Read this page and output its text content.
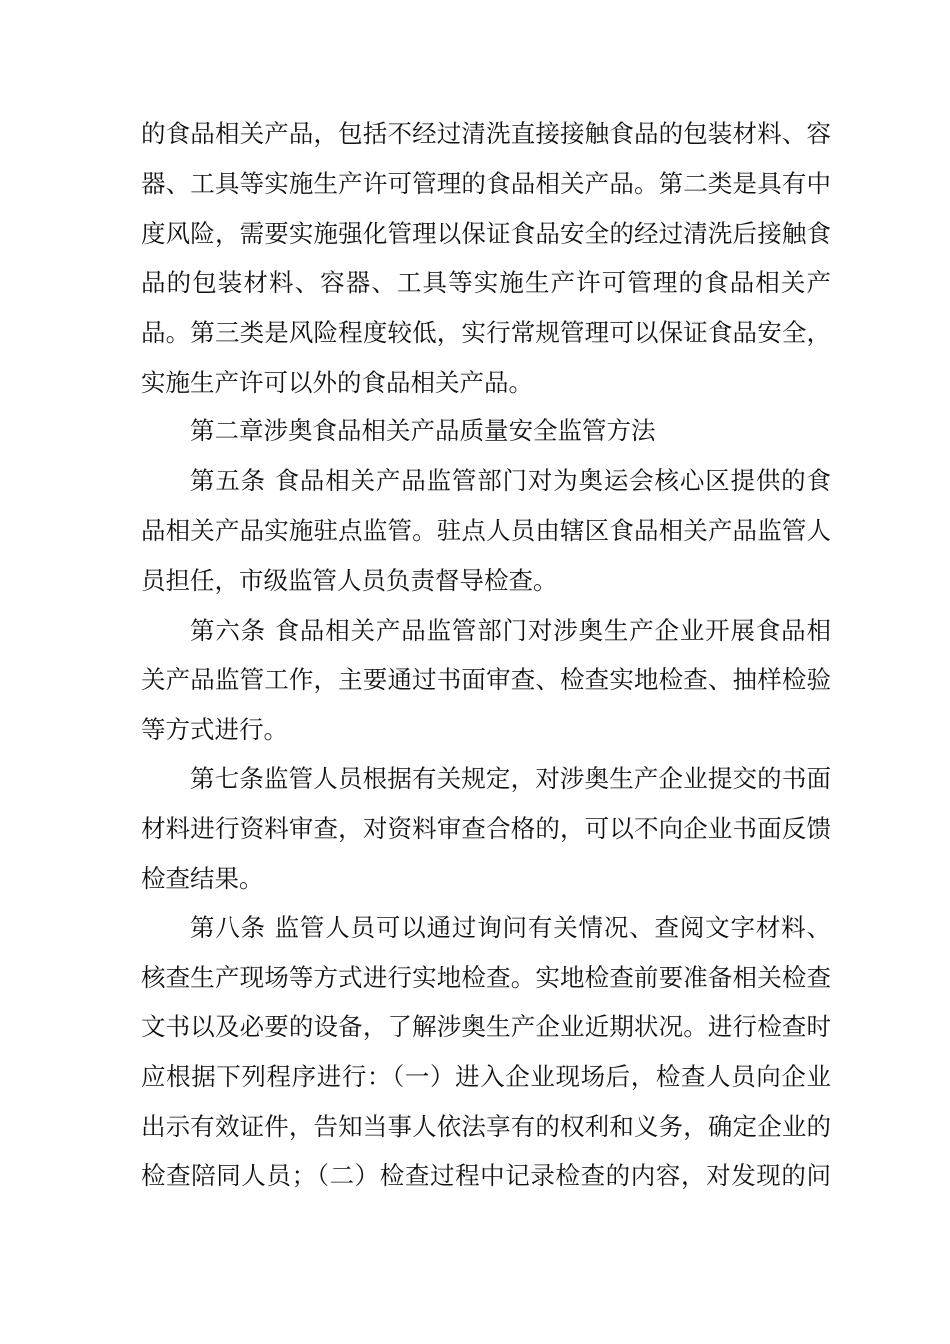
的食品相关产品，包括不经过清洗直接接触食品的包装材料、容
器、工具等实施生产许可管理的食品相关产品。第二类是具有中
度风险，需要实施强化管理以保证食品安全的经过清洗后接触食
品的包装材料、容器、工具等实施生产许可管理的食品相关产
品。第三类是风险程度较低，实行常规管理可以保证食品安全，
实施生产许可以外的食品相关产品。
第二章涉奥食品相关产品质量安全监管方法
第五条 食品相关产品监管部门对为奥运会核心区提供的食
品相关产品实施驻点监管。驻点人员由辖区食品相关产品监管人
员担任，市级监管人员负责督导检查。
第六条 食品相关产品监管部门对涉奥生产企业开展食品相
关产品监管工作，主要通过书面审查、检查实地检查、抽样检验
等方式进行。
第七条监管人员根据有关规定，对涉奥生产企业提交的书面
材料进行资料审查，对资料审查合格的，可以不向企业书面反馈
检查结果。
第八条 监管人员可以通过询问有关情况、查阅文字材料、
核查生产现场等方式进行实地检查。实地检查前要准备相关检查
文书以及必要的设备，了解涉奥生产企业近期状况。进行检查时
应根据下列程序进行：（一）进入企业现场后，检查人员向企业
出示有效证件，告知当事人依法享有的权利和义务，确定企业的
检查陪同人员；（二）检查过程中记录检查的内容，对发现的问
